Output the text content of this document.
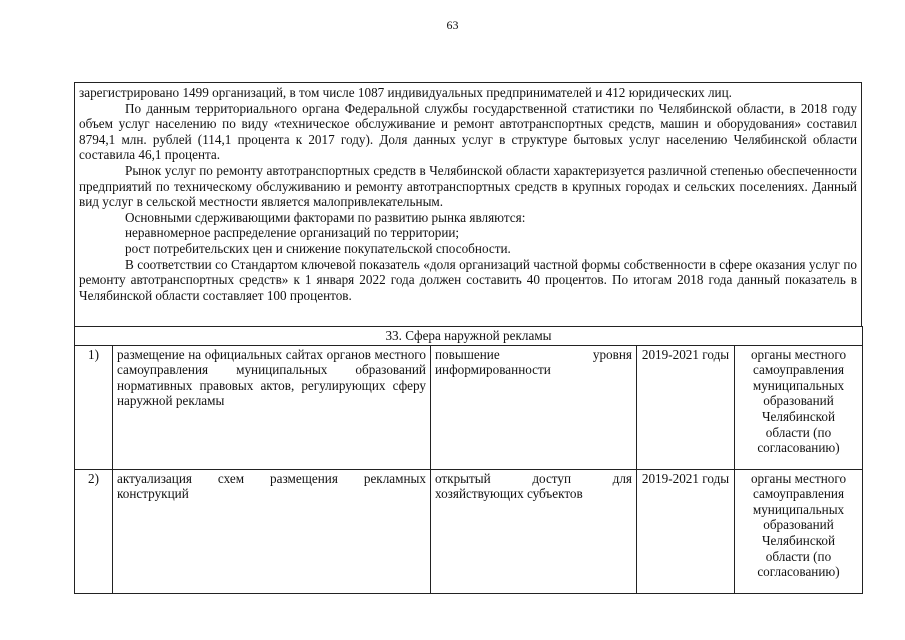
63

зарегистрировано 1499 организаций, в том числе 1087 индивидуальных предпринимателей и 412 юридических лиц.

По данным территориального органа Федеральной службы государственной статистики по Челябинской области, в 2018 году объем услуг населению по виду «техническое обслуживание и ремонт автотранспортных средств, машин и оборудования» составил 8794,1 млн. рублей (114,1 процента к 2017 году). Доля данных услуг в структуре бытовых услуг населению Челябинской области составила 46,1 процента.

Рынок услуг по ремонту автотранспортных средств в Челябинской области характеризуется различной степенью обеспеченности предприятий по техническому обслуживанию и ремонту автотранспортных средств в крупных городах и сельских поселениях. Данный вид услуг в сельской местности является малопривлекательным.

Основными сдерживающими факторами по развитию рынка являются:

неравномерное распределение организаций по территории;

рост потребительских цен и снижение покупательской способности.

В соответствии со Стандартом ключевой показатель «доля организаций частной формы собственности в сфере оказания услуг по ремонту автотранспортных средств» к 1 января 2022 года должен составить 40 процентов. По итогам 2018 года данный показатель в Челябинской области составляет 100 процентов.

33. Сфера наружной рекламы				
1)	размещение на официальных сайтах органов местного самоуправления муниципальных образований нормативных правовых актов, регулирующих сферу наружной рекламы	повышение уровня информированности	2019-2021 годы	органы местного самоуправления муниципальных образований Челябинской области (по согласованию)
2)	актуализация схем размещения рекламных конструкций	открытый доступ для хозяйствующих субъектов	2019-2021 годы	органы местного самоуправления муниципальных образований Челябинской области (по согласованию)
